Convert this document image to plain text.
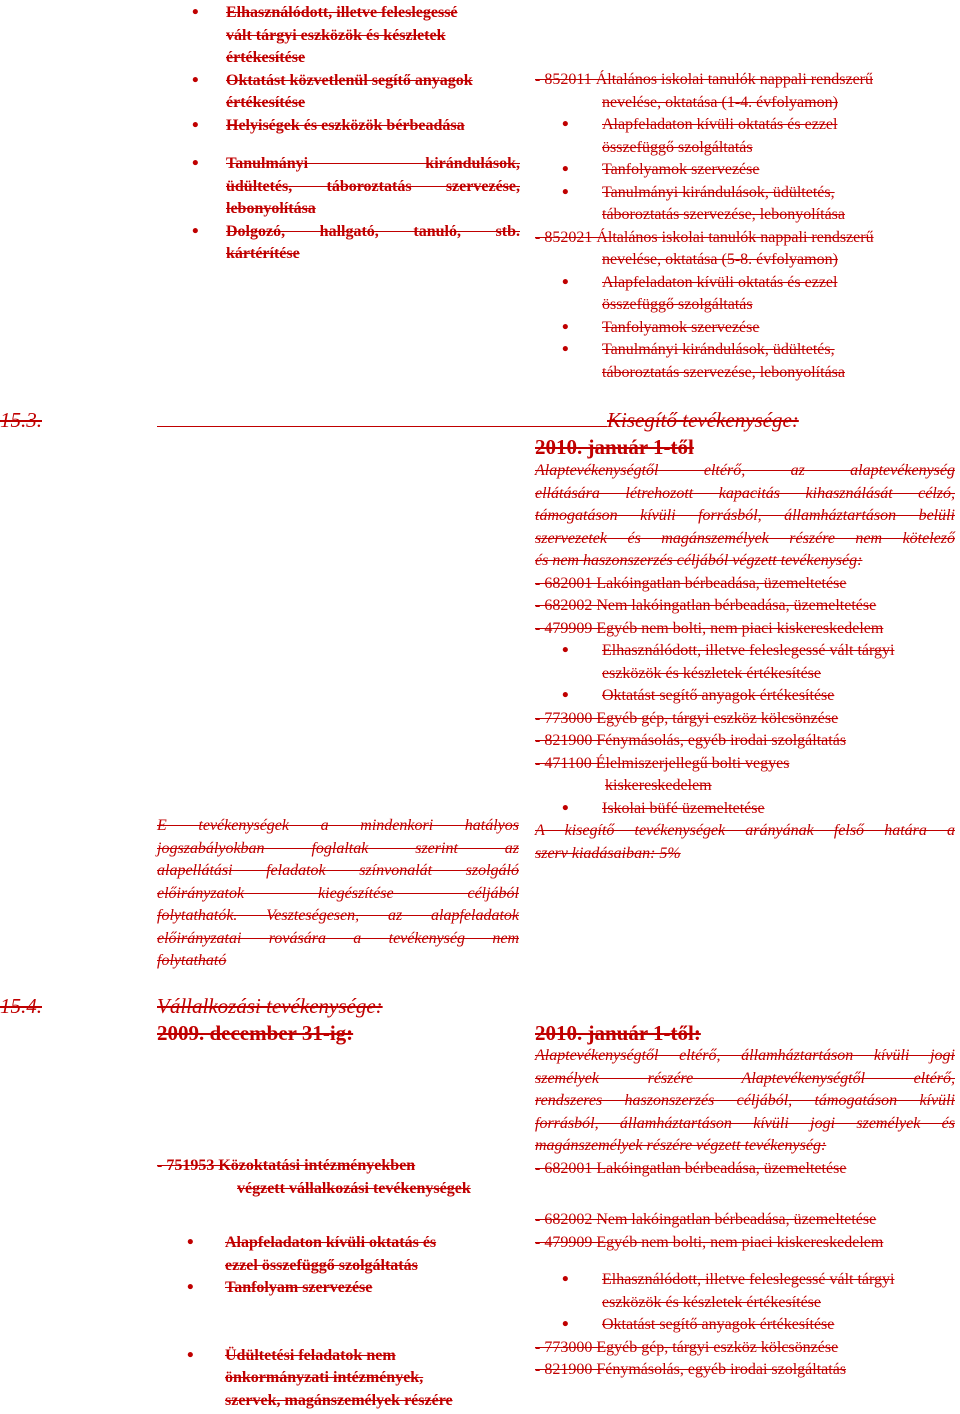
• Elhasználódott, illetve feleslegessé
vált tárgyi eszközök és készletek
értékesítése
• Oktatást közvetlenül segítő anyagok
értékesítése
• Helyiségek és eszközök bérbeadása
• Tanulmányi kirándulások,
üdültetés, táboroztatás szervezése,
lebonyolítása
• Dolgozó, hallgató, tanuló, stb.
kártérítése
- 852011 Általános iskolai tanulók nappali rendszerű
nevelése, oktatása (1-4. évfolyamon)
• Alapfeladaton kívüli oktatás és ezzel
összefüggő szolgáltatás
• Tanfolyamok szervezése
• Tanulmányi kirándulások, üdültetés,
táboroztatás szervezése, lebonyolítása
- 852021 Általános iskolai tanulók nappali rendszerű
nevelése, oktatása (5-8. évfolyamon)
• Alapfeladaton kívüli oktatás és ezzel
összefüggő szolgáltatás
• Tanfolyamok szervezése
• Tanulmányi kirándulások, üdültetés,
táboroztatás szervezése, lebonyolítása
15.3.	Kisegítő tevékenysége:
2010. január 1-től
Alaptevékenységtől eltérő, az alaptevékenység
ellátására létrehozott kapacitás kihasználását célzó,
támogatáson kívüli forrásból, államháztartáson belüli
szervezetek és magánszemélyek részére nem kötelező
és nem haszonszerzés céljából végzett tevékenység:
- 682001 Lakóingatlan bérbeadása, üzemeltetése
- 682002 Nem lakóingatlan bérbeadása, üzemeltetése
- 479909 Egyéb nem bolti, nem piaci kiskereskedelem
• Elhasználódott, illetve feleslegessé vált tárgyi
eszközök és készletek értékesítése
• Oktatást segítő anyagok értékesítése
- 773000 Egyéb gép, tárgyi eszköz kölcsönzése
- 821900 Fénymásolás, egyéb irodai szolgáltatás
- 471100 Élelmiszerjellegű bolti vegyes
kiskereskedelem
• Iskolai büfé üzemeltetése
A kisegítő tevékenységek arányának felső határa a
szerv kiadásaiban: 5%
E tevékenységek a mindenkori hatályos
jogszabályokban foglaltak szerint az
alapellátási feladatok színvonalát szolgáló
előirányzatok kiegészítése céljából
folytathatók. Veszteségesen, az alapfeladatok
előirányzatai rovására a tevékenység nem
folytatható
15.4.	Vállalkozási tevékenysége:
2009. december 31-ig:	2010. január 1-től:
Alaptevékenységtől eltérő, államháztartáson kívüli jogi
személyek részére Alaptevékenységtől eltérő,
rendszeres haszonszerzés céljából, támogatáson kívüli
forrásból, államháztartáson kívüli jogi személyek és
magánszemélyek részére végzett tevékenység:
- 682001 Lakóingatlan bérbeadása, üzemeltetése
- 682002 Nem lakóingatlan bérbeadása, üzemeltetése
- 479909 Egyéb nem bolti, nem piaci kiskereskedelem
• Elhasználódott, illetve feleslegessé vált tárgyi
eszközök és készletek értékesítése
• Oktatást segítő anyagok értékesítése
- 773000 Egyéb gép, tárgyi eszköz kölcsönzése
- 821900 Fénymásolás, egyéb irodai szolgáltatás
- 751953 Közoktatási intézményekben
végzett vállalkozási tevékenységek
• Alapfeladaton kívüli oktatás és
ezzel összefüggő szolgáltatás
• Tanfolyam szervezése
• Üdültetési feladatok nem
önkormányzati intézmények,
szervek, magánszemélyek részére
